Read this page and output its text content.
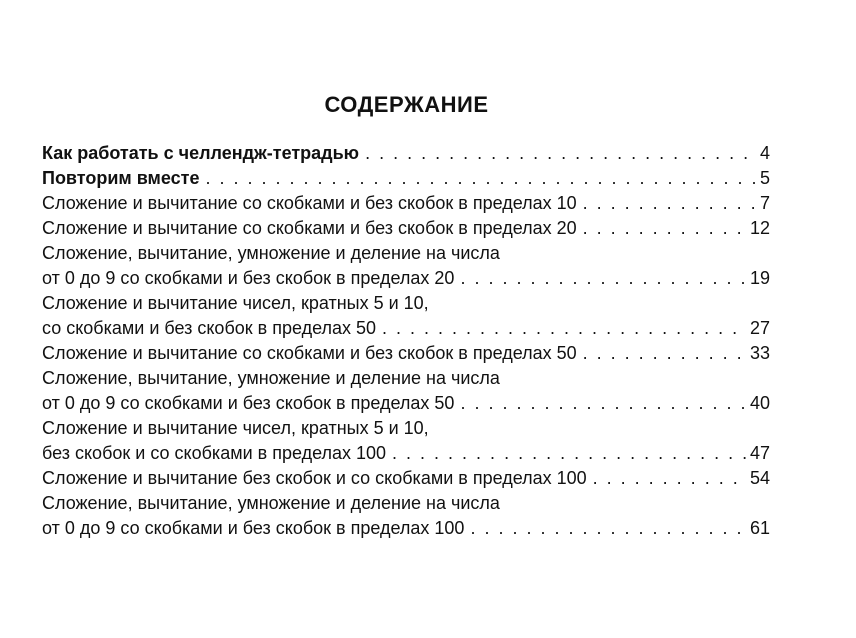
СОДЕРЖАНИЕ
Как работать с челлендж-тетрадью . . .	4
Повторим вместе . . .	5
Сложение и вычитание со скобками и без скобок в пределах 10 . . .	7
Сложение и вычитание со скобками и без скобок в пределах 20 . . .	12
Сложение, вычитание, умножение и деление на числа
от 0 до 9 со скобками и без скобок в пределах 20 . . .	19
Сложение и вычитание чисел, кратных 5 и 10,
со скобками и без скобок в пределах 50 . . .	27
Сложение и вычитание со скобками и без скобок в пределах 50 . . .	33
Сложение, вычитание, умножение и деление на числа
от 0 до 9 со скобками и без скобок в пределах 50 . . .	40
Сложение и вычитание чисел, кратных 5 и 10,
без скобок и со скобками в пределах 100 . . .	47
Сложение и вычитание без скобок и со скобками в пределах 100 . . .	54
Сложение, вычитание, умножение и деление на числа
от 0 до 9 со скобками и без скобок в пределах 100 . . .	61
